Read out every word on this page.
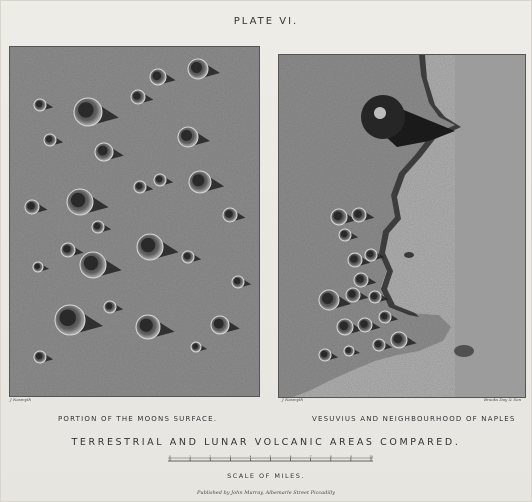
PLATE VI.
J Nasmyth	J Nasmyth	Brooks Day & Son
PORTION OF THE MOONS SURFACE.	VESUVIUS AND NEIGHBOURHOOD OF NAPLES
TERRESTRIAL AND LUNAR VOLCANIC AREAS COMPARED.
0	1	2	3	4	5	6	7	8	9	10
SCALE OF MILES.
Published by John Murray, Albemarle Street Piccadilly
